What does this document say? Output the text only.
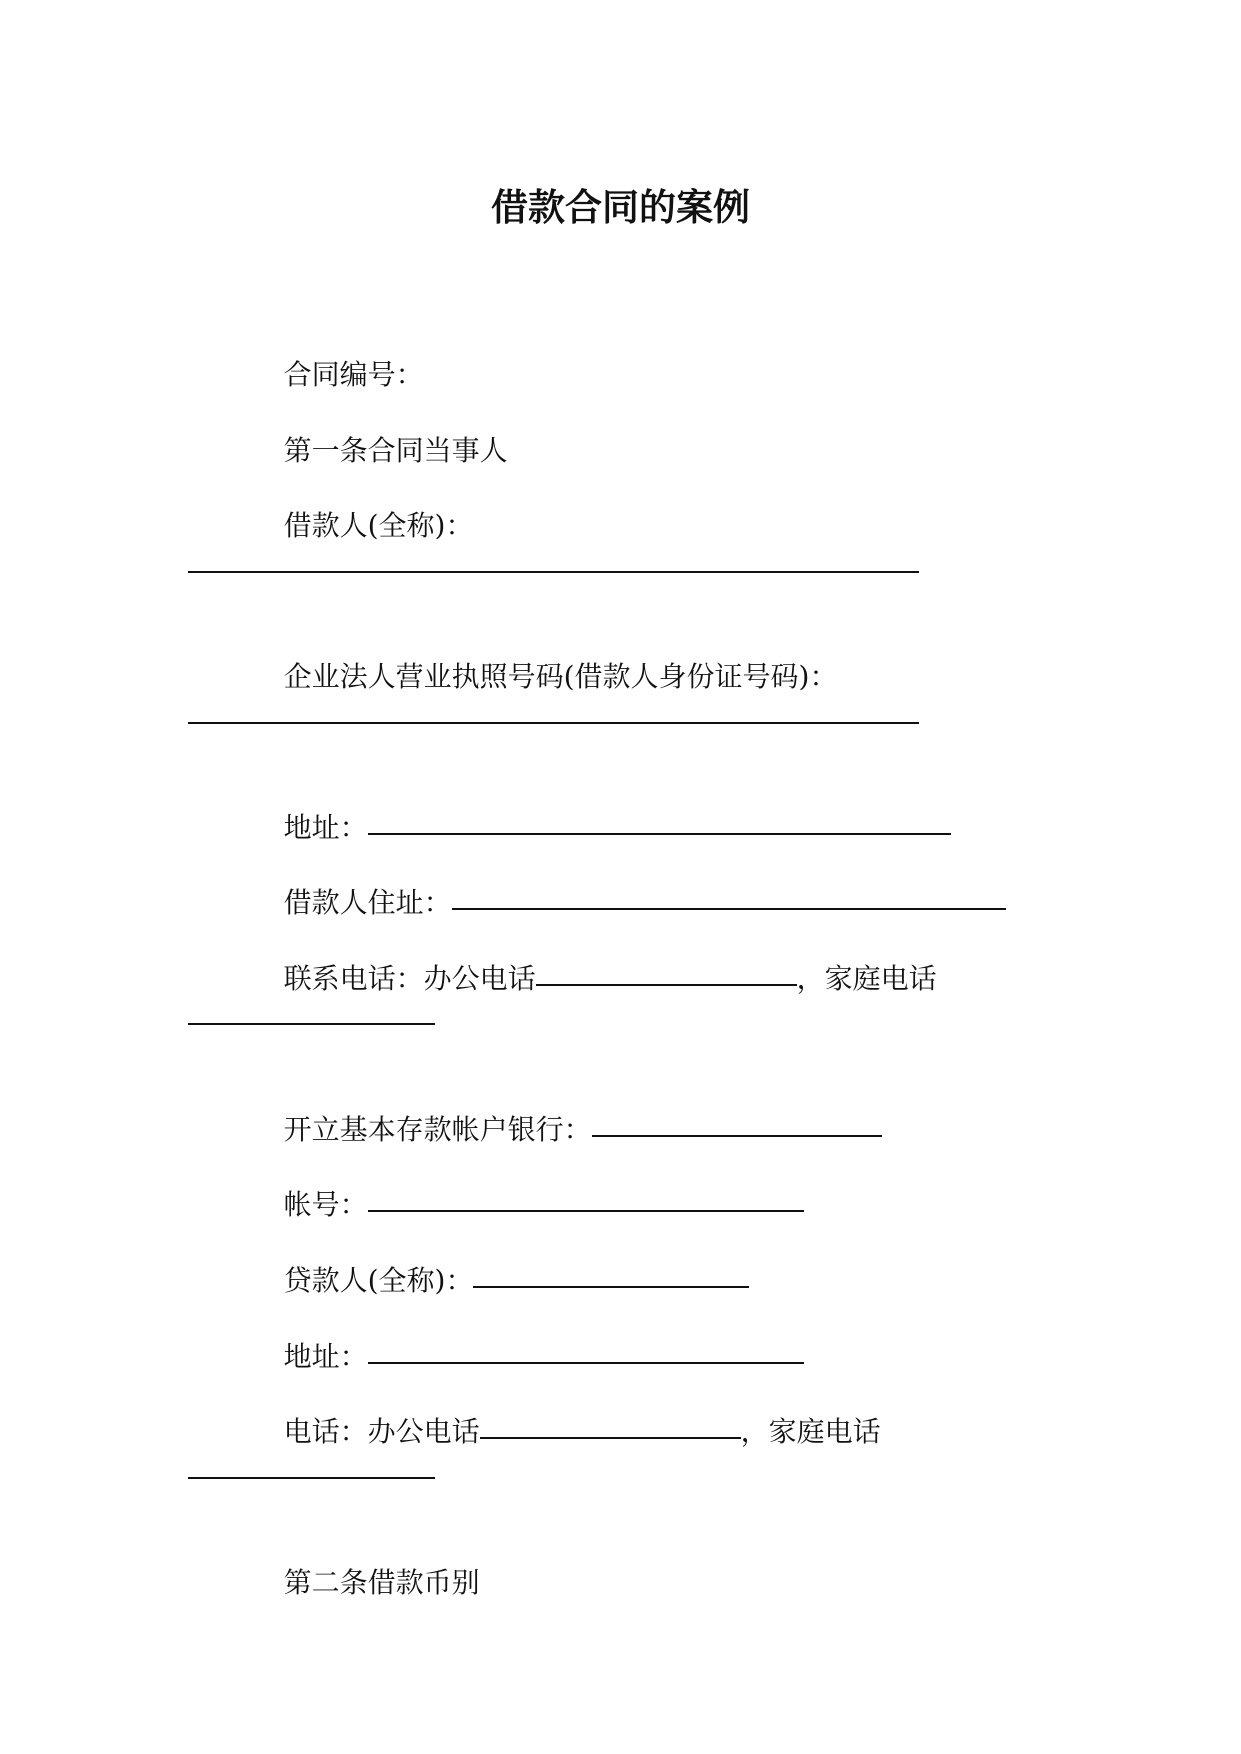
借款合同的案例

合同编号：

第一条合同当事人

借款人(全称)：

企业法人营业执照号码(借款人身份证号码)：

地址：

借款人住址：

联系电话：办公电话	，家庭电话

开立基本存款帐户银行：

帐号：

贷款人(全称)：

地址：

电话：办公电话	，家庭电话

第二条借款币别
